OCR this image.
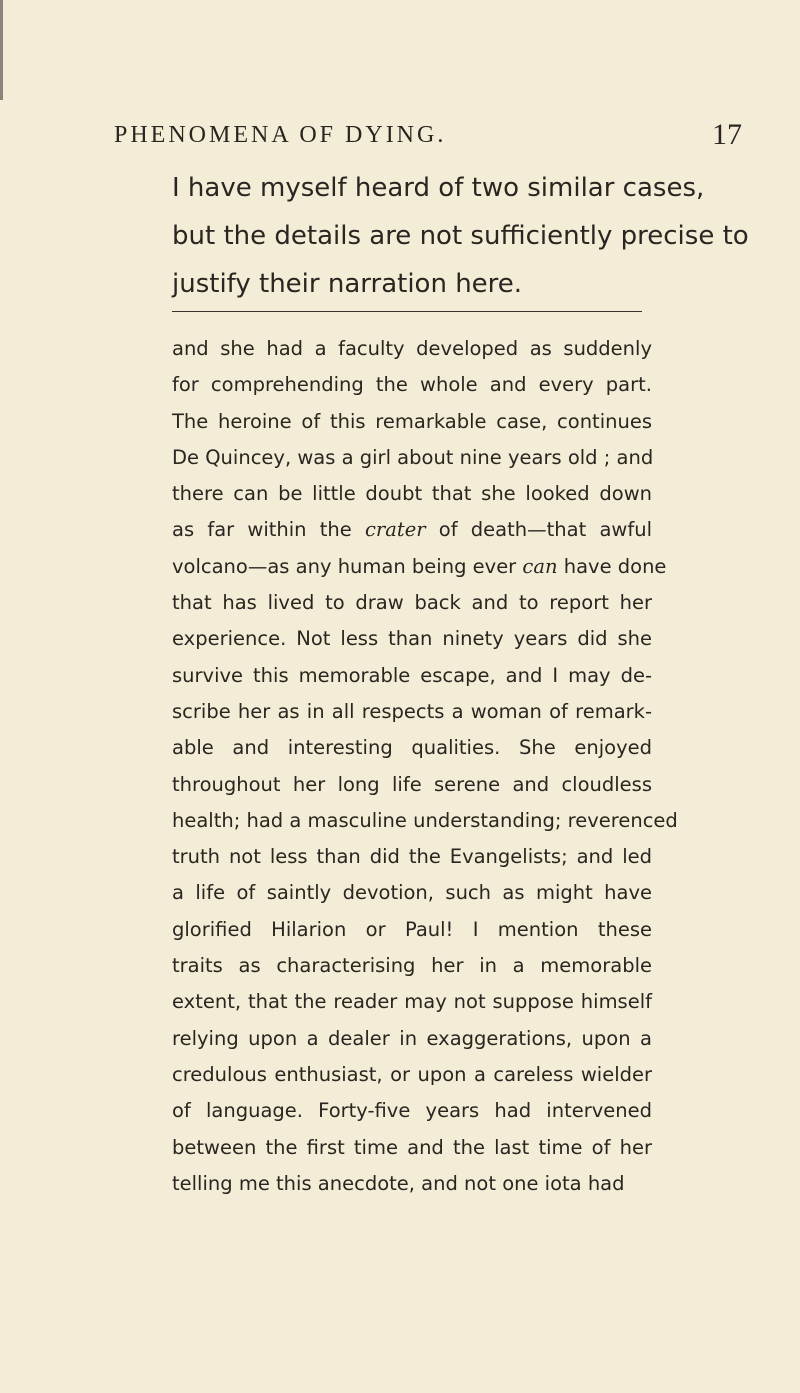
PHENOMENA OF DYING.	17
I have myself heard of two similar cases,
but the details are not sufficiently precise to
justify their narration here.
and she had a faculty developed as suddenly
for comprehending the whole and every part.
The heroine of this remarkable case, continues
De Quincey, was a girl about nine years old ; and
there can be little doubt that she looked down
as far within the crater of death—that awful
volcano—as any human being ever can have done
that has lived to draw back and to report her
experience. Not less than ninety years did she
survive this memorable escape, and I may de-
scribe her as in all respects a woman of remark-
able and interesting qualities. She enjoyed
throughout her long life serene and cloudless
health; had a masculine understanding; reverenced
truth not less than did the Evangelists; and led
a life of saintly devotion, such as might have
glorified Hilarion or Paul! I mention these
traits as characterising her in a memorable
extent, that the reader may not suppose himself
relying upon a dealer in exaggerations, upon a
credulous enthusiast, or upon a careless wielder
of language. Forty-five years had intervened
between the first time and the last time of her
telling me this anecdote, and not one iota had
